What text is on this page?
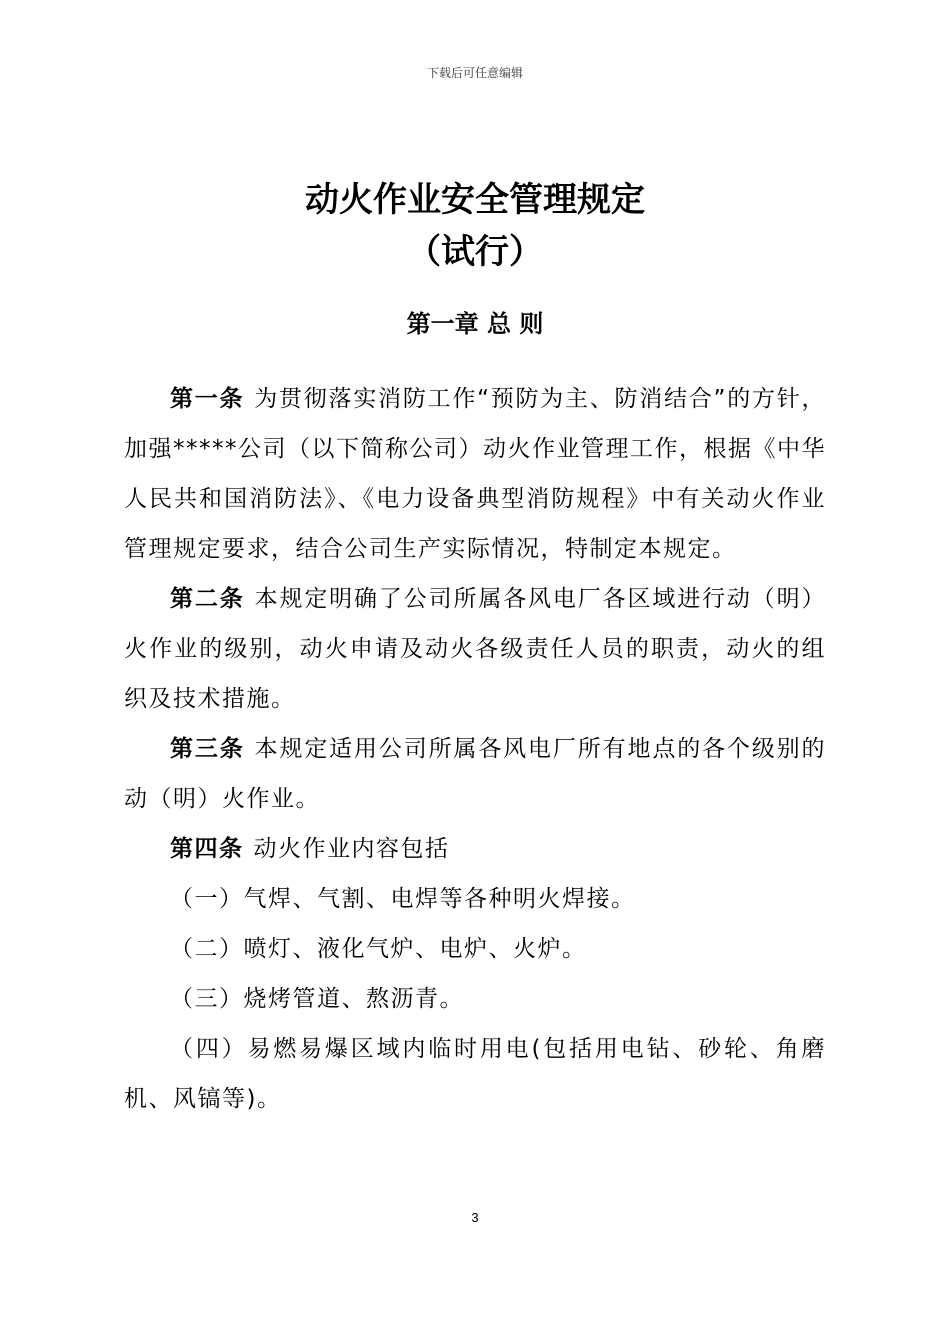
下载后可任意编辑
动火作业安全管理规定
（试行）
第一章 总 则

第一条 为贯彻落实消防工作“预防为主、防消结合”的方针，加强*****公司（以下简称公司）动火作业管理工作，根据《中华人民共和国消防法》、《电力设备典型消防规程》中有关动火作业管理规定要求，结合公司生产实际情况，特制定本规定。

第二条 本规定明确了公司所属各风电厂各区域进行动（明）火作业的级别，动火申请及动火各级责任人员的职责，动火的组织及技术措施。

第三条 本规定适用公司所属各风电厂所有地点的各个级别的动（明）火作业。

第四条 动火作业内容包括

（一）气焊、气割、电焊等各种明火焊接。

（二）喷灯、液化气炉、电炉、火炉。

（三）烧烤管道、熬沥青。

（四）易燃易爆区域内临时用电(包括用电钻、砂轮、角磨机、风镐等)。

3
